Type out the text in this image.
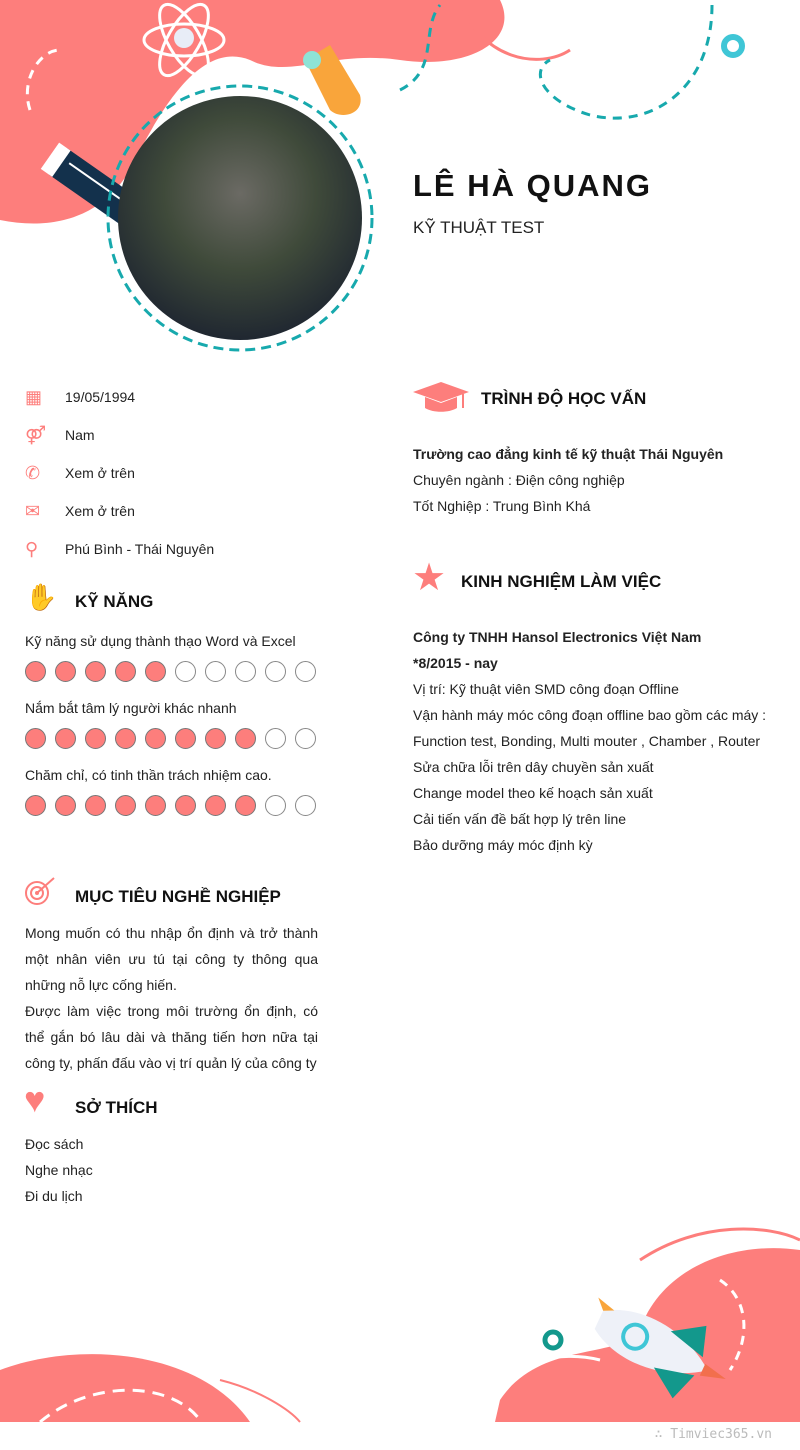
LÊ HÀ QUANG
KỸ THUẬT TEST
▦	19/05/1994
⚤	Nam
✆	Xem ở trên
✉	Xem ở trên
⚲	Phú Bình - Thái Nguyên
✋ KỸ NĂNG
Kỹ năng sử dụng thành thạo Word và Excel
Nắm bắt tâm lý người khác nhanh
Chăm chỉ, có tinh thần trách nhiệm cao.
MỤC TIÊU NGHỀ NGHIỆP
Mong muốn có thu nhập ổn định và trở thành một nhân viên ưu tú tại công ty thông qua những nỗ lực cống hiến.
Được làm việc trong môi trường ổn định, có thể gắn bó lâu dài và thăng tiến hơn nữa tại công ty, phấn đấu vào vị trí quản lý của công ty
♥ SỞ THÍCH
Đọc sách
Nghe nhạc
Đi du lịch
TRÌNH ĐỘ HỌC VẤN
Trường cao đẳng kinh tế kỹ thuật Thái Nguyên
Chuyên ngành : Điện công nghiệp
Tốt Nghiệp : Trung Bình Khá
★ KINH NGHIỆM LÀM VIỆC
Công ty TNHH Hansol Electronics Việt Nam
*8/2015 - nay
Vị trí: Kỹ thuật viên SMD công đoạn Offline
Vận hành máy móc công đoạn offline bao gồm các máy :
Function test, Bonding, Multi mouter , Chamber , Router
Sửa chữa lỗi trên dây chuyền sản xuất
Change model theo kế hoạch sản xuất
Cải tiến vấn đề bất hợp lý trên line
Bảo dưỡng máy móc định kỳ
∴ Timviec365.vn
